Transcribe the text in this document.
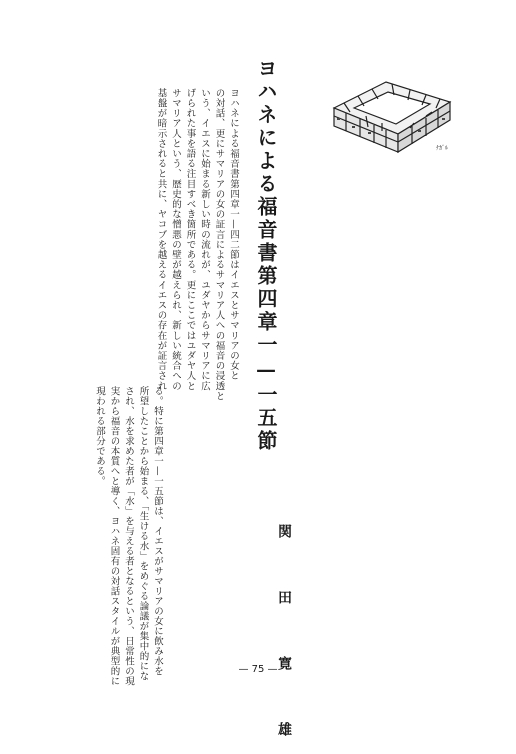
ヨハネによる福音書第四章一—一五節	ﾅｶﾞﾙ
ヨハネによる福音書第四章一—四二節はイエスとサマリアの女と
の対話、更にサマリアの女の証言によるサマリア人への福音の浸透と
いう、イエスに始まる新しい時の流れが、ユダヤからサマリアに広
げられた事を語る注目すべき箇所である。更にここではユダヤ人と
サマリア人という、歴史的な憎悪の壁が越えられ、新しい統合への
基盤が暗示されると共に、ヤコブを越えるイエスの存在が証言され
る。特に第四章一—一五節は、イエスがサマリアの女に飲み水を
所望したことから始まる、「生ける水」をめぐる論議が集中的にな
され、水を求めた者が「水」を与える者となるという、日常性の現
実から福音の本質へと導く、ヨハネ固有の対話スタイルが典型的に
現われる部分である。
関 田 寛 雄
— 75 —
